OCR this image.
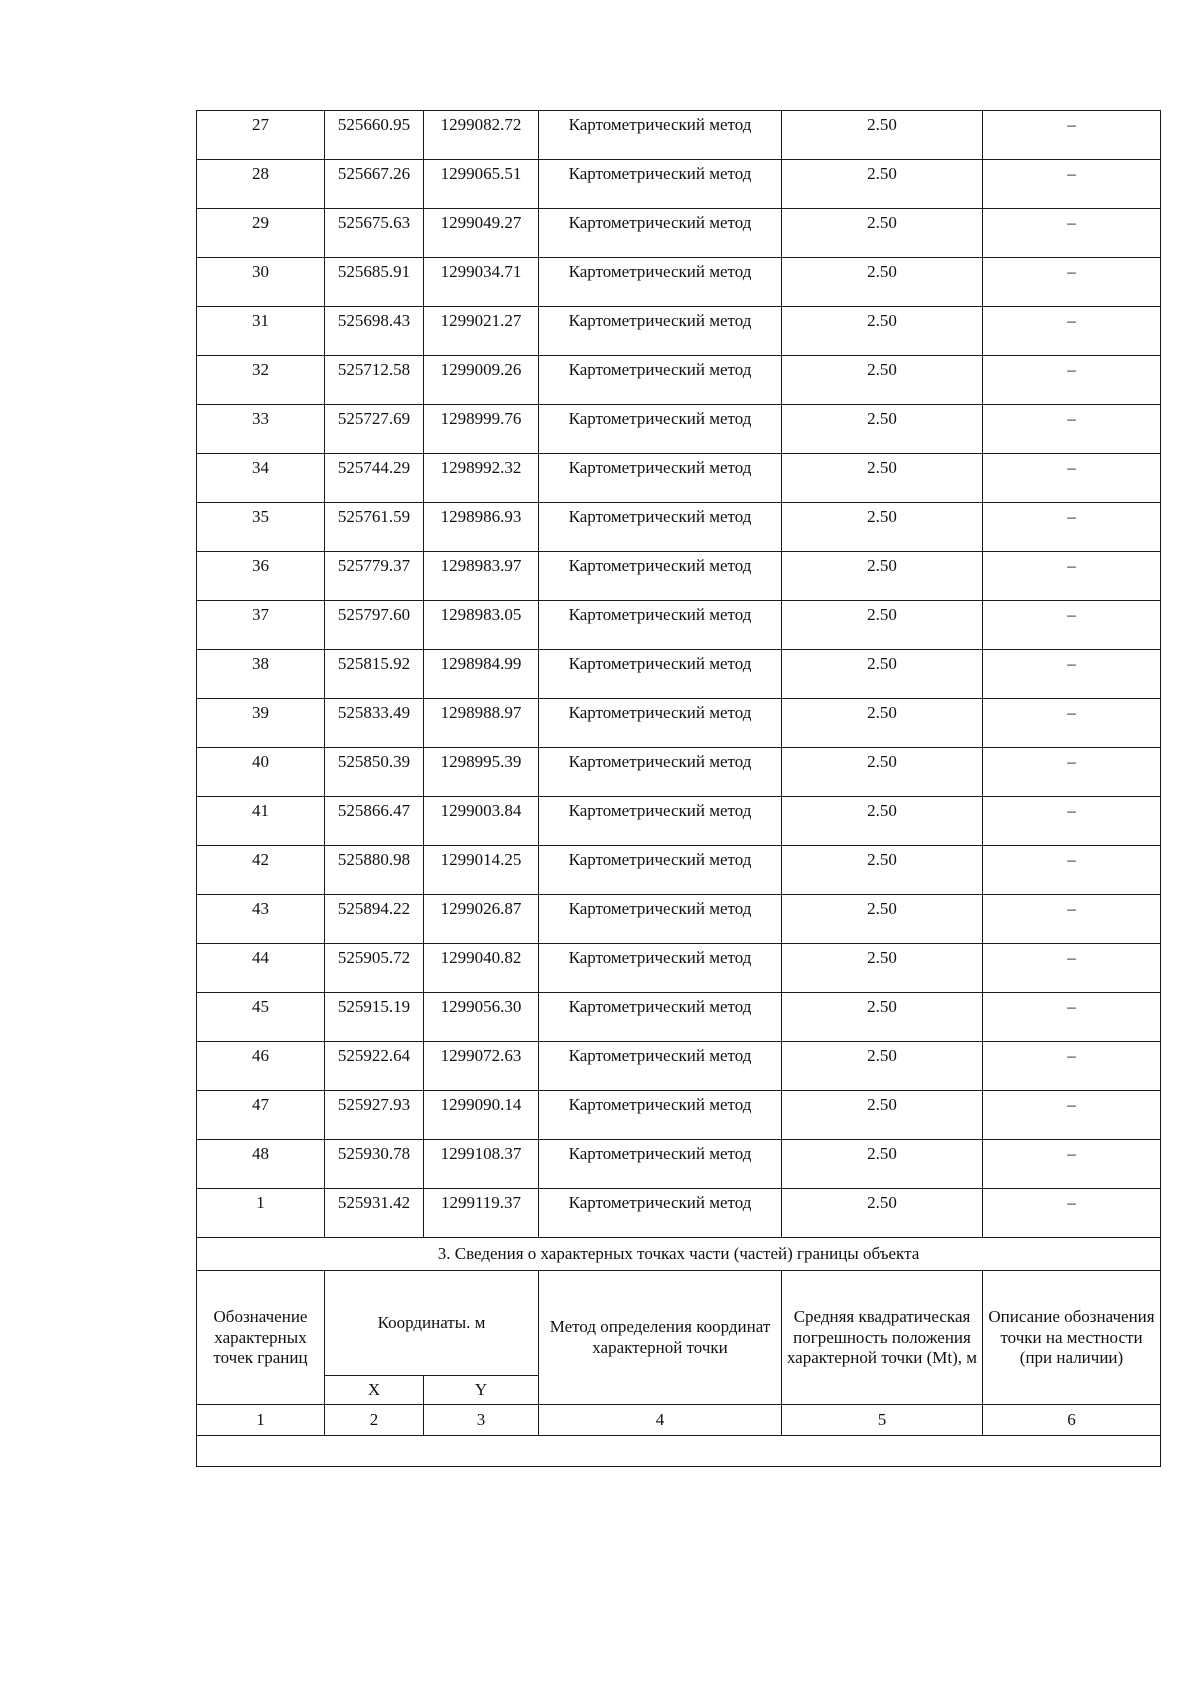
27	525660.95	1299082.72	Картометрический метод	2.50	–
28	525667.26	1299065.51	Картометрический метод	2.50	–
29	525675.63	1299049.27	Картометрический метод	2.50	–
30	525685.91	1299034.71	Картометрический метод	2.50	–
31	525698.43	1299021.27	Картометрический метод	2.50	–
32	525712.58	1299009.26	Картометрический метод	2.50	–
33	525727.69	1298999.76	Картометрический метод	2.50	–
34	525744.29	1298992.32	Картометрический метод	2.50	–
35	525761.59	1298986.93	Картометрический метод	2.50	–
36	525779.37	1298983.97	Картометрический метод	2.50	–
37	525797.60	1298983.05	Картометрический метод	2.50	–
38	525815.92	1298984.99	Картометрический метод	2.50	–
39	525833.49	1298988.97	Картометрический метод	2.50	–
40	525850.39	1298995.39	Картометрический метод	2.50	–
41	525866.47	1299003.84	Картометрический метод	2.50	–
42	525880.98	1299014.25	Картометрический метод	2.50	–
43	525894.22	1299026.87	Картометрический метод	2.50	–
44	525905.72	1299040.82	Картометрический метод	2.50	–
45	525915.19	1299056.30	Картометрический метод	2.50	–
46	525922.64	1299072.63	Картометрический метод	2.50	–
47	525927.93	1299090.14	Картометрический метод	2.50	–
48	525930.78	1299108.37	Картометрический метод	2.50	–
1	525931.42	1299119.37	Картометрический метод	2.50	–
3. Сведения о характерных точках части (частей) границы объекта					
Обозначение характерных точек границ	Координаты. м		Метод определения координат характерной точки	Средняя квадратическая погрешность положения характерной точки (Mt), м	Описание обозначения точки на местности (при наличии)
	X	Y			
1	2	3	4	5	6
